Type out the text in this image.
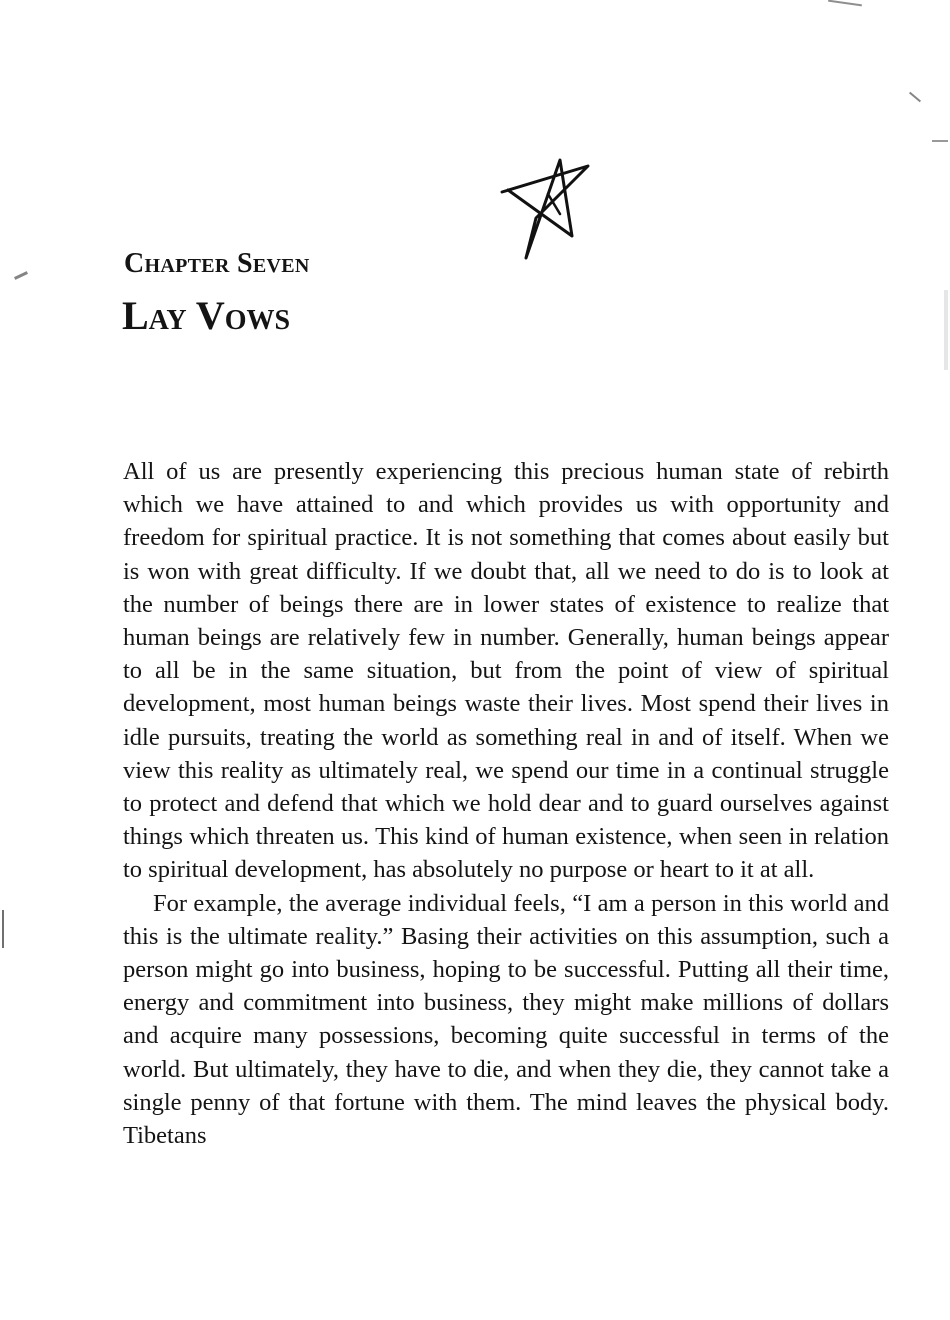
Chapter Seven
Lay Vows

All of us are presently experiencing this precious human state of rebirth which we have attained to and which provides us with opportunity and freedom for spiritual practice. It is not something that comes about easily but is won with great difficulty. If we doubt that, all we need to do is to look at the number of beings there are in lower states of existence to realize that human beings are relatively few in number. Generally, human beings appear to all be in the same situation, but from the point of view of spiritual development, most human beings waste their lives. Most spend their lives in idle pursuits, treating the world as something real in and of itself. When we view this reality as ultimately real, we spend our time in a continual struggle to protect and defend that which we hold dear and to guard ourselves against things which threaten us. This kind of human existence, when seen in relation to spiritual development, has absolutely no purpose or heart to it at all.

For example, the average individual feels, “I am a person in this world and this is the ultimate reality.” Basing their activities on this assumption, such a person might go into business, hoping to be successful. Putting all their time, energy and commitment into business, they might make millions of dollars and acquire many possessions, becoming quite successful in terms of the world. But ultimately, they have to die, and when they die, they cannot take a single penny of that fortune with them. The mind leaves the physical body. Tibetans
